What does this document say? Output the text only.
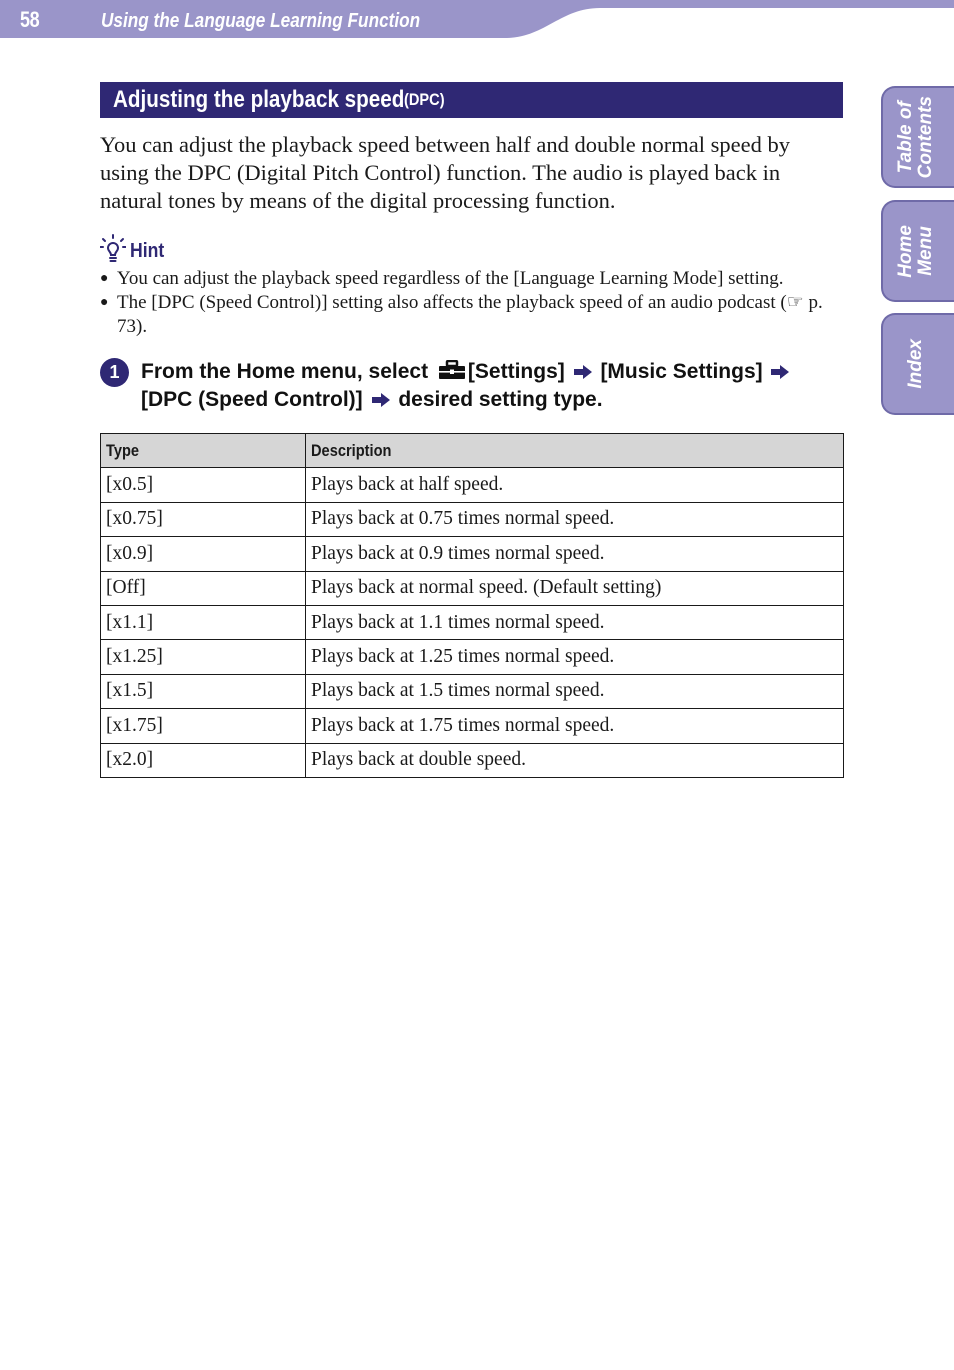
58	Using the Language Learning Function
Table of
Contents
Home
Menu
Index
Adjusting the playback speed (DPC)

You can adjust the playback speed between half and double normal speed by using the DPC (Digital Pitch Control) function. The audio is played back in natural tones by means of the digital processing function.

Hint
● You can adjust the playback speed regardless of the [Language Learning Mode] setting.
● The [DPC (Speed Control)] setting also affects the playback speed of an audio podcast (☞ p. 73).
1	From the Home menu, select [Settings] [Music Settings]
[DPC (Speed Control)] desired setting type.
Type	Description
[x0.5]	Plays back at half speed.
[x0.75]	Plays back at 0.75 times normal speed.
[x0.9]	Plays back at 0.9 times normal speed.
[Off]	Plays back at normal speed. (Default setting)
[x1.1]	Plays back at 1.1 times normal speed.
[x1.25]	Plays back at 1.25 times normal speed.
[x1.5]	Plays back at 1.5 times normal speed.
[x1.75]	Plays back at 1.75 times normal speed.
[x2.0]	Plays back at double speed.
